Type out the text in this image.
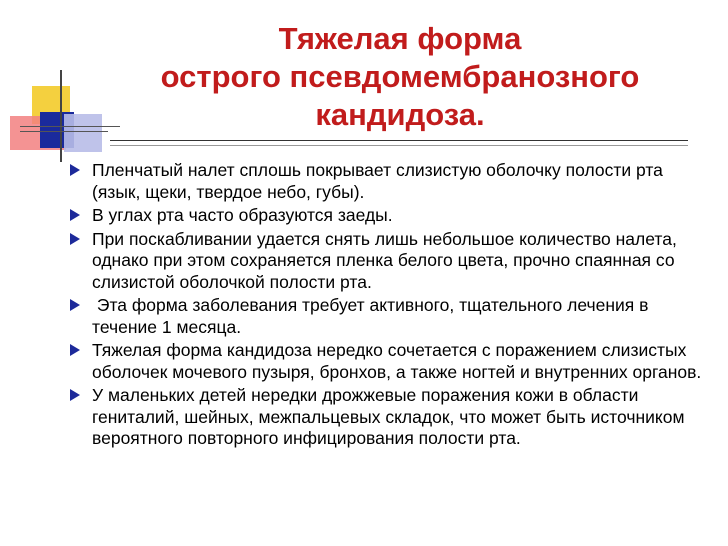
Тяжелая форма
острого псевдомембранозного
кандидоза.
Пленчатый налет сплошь покрывает слизистую оболочку полости рта (язык, щеки, твердое небо, губы).
В углах рта часто образуются заеды.
При поскабливании удается снять лишь небольшое количество налета, однако при этом сохраняется пленка белого цвета, прочно спаянная со слизистой оболочкой полости рта.
Эта форма заболевания требует активного, тщательного лечения в течение 1 месяца.
Тяжелая форма кандидоза нередко сочетается с поражением слизистых оболочек мочевого пузыря, бронхов, а также ногтей и внутренних органов.
У маленьких детей нередки дрожжевые поражения кожи в области гениталий, шейных, межпальцевых складок, что может быть источником вероятного повторного инфицирования полости рта.
